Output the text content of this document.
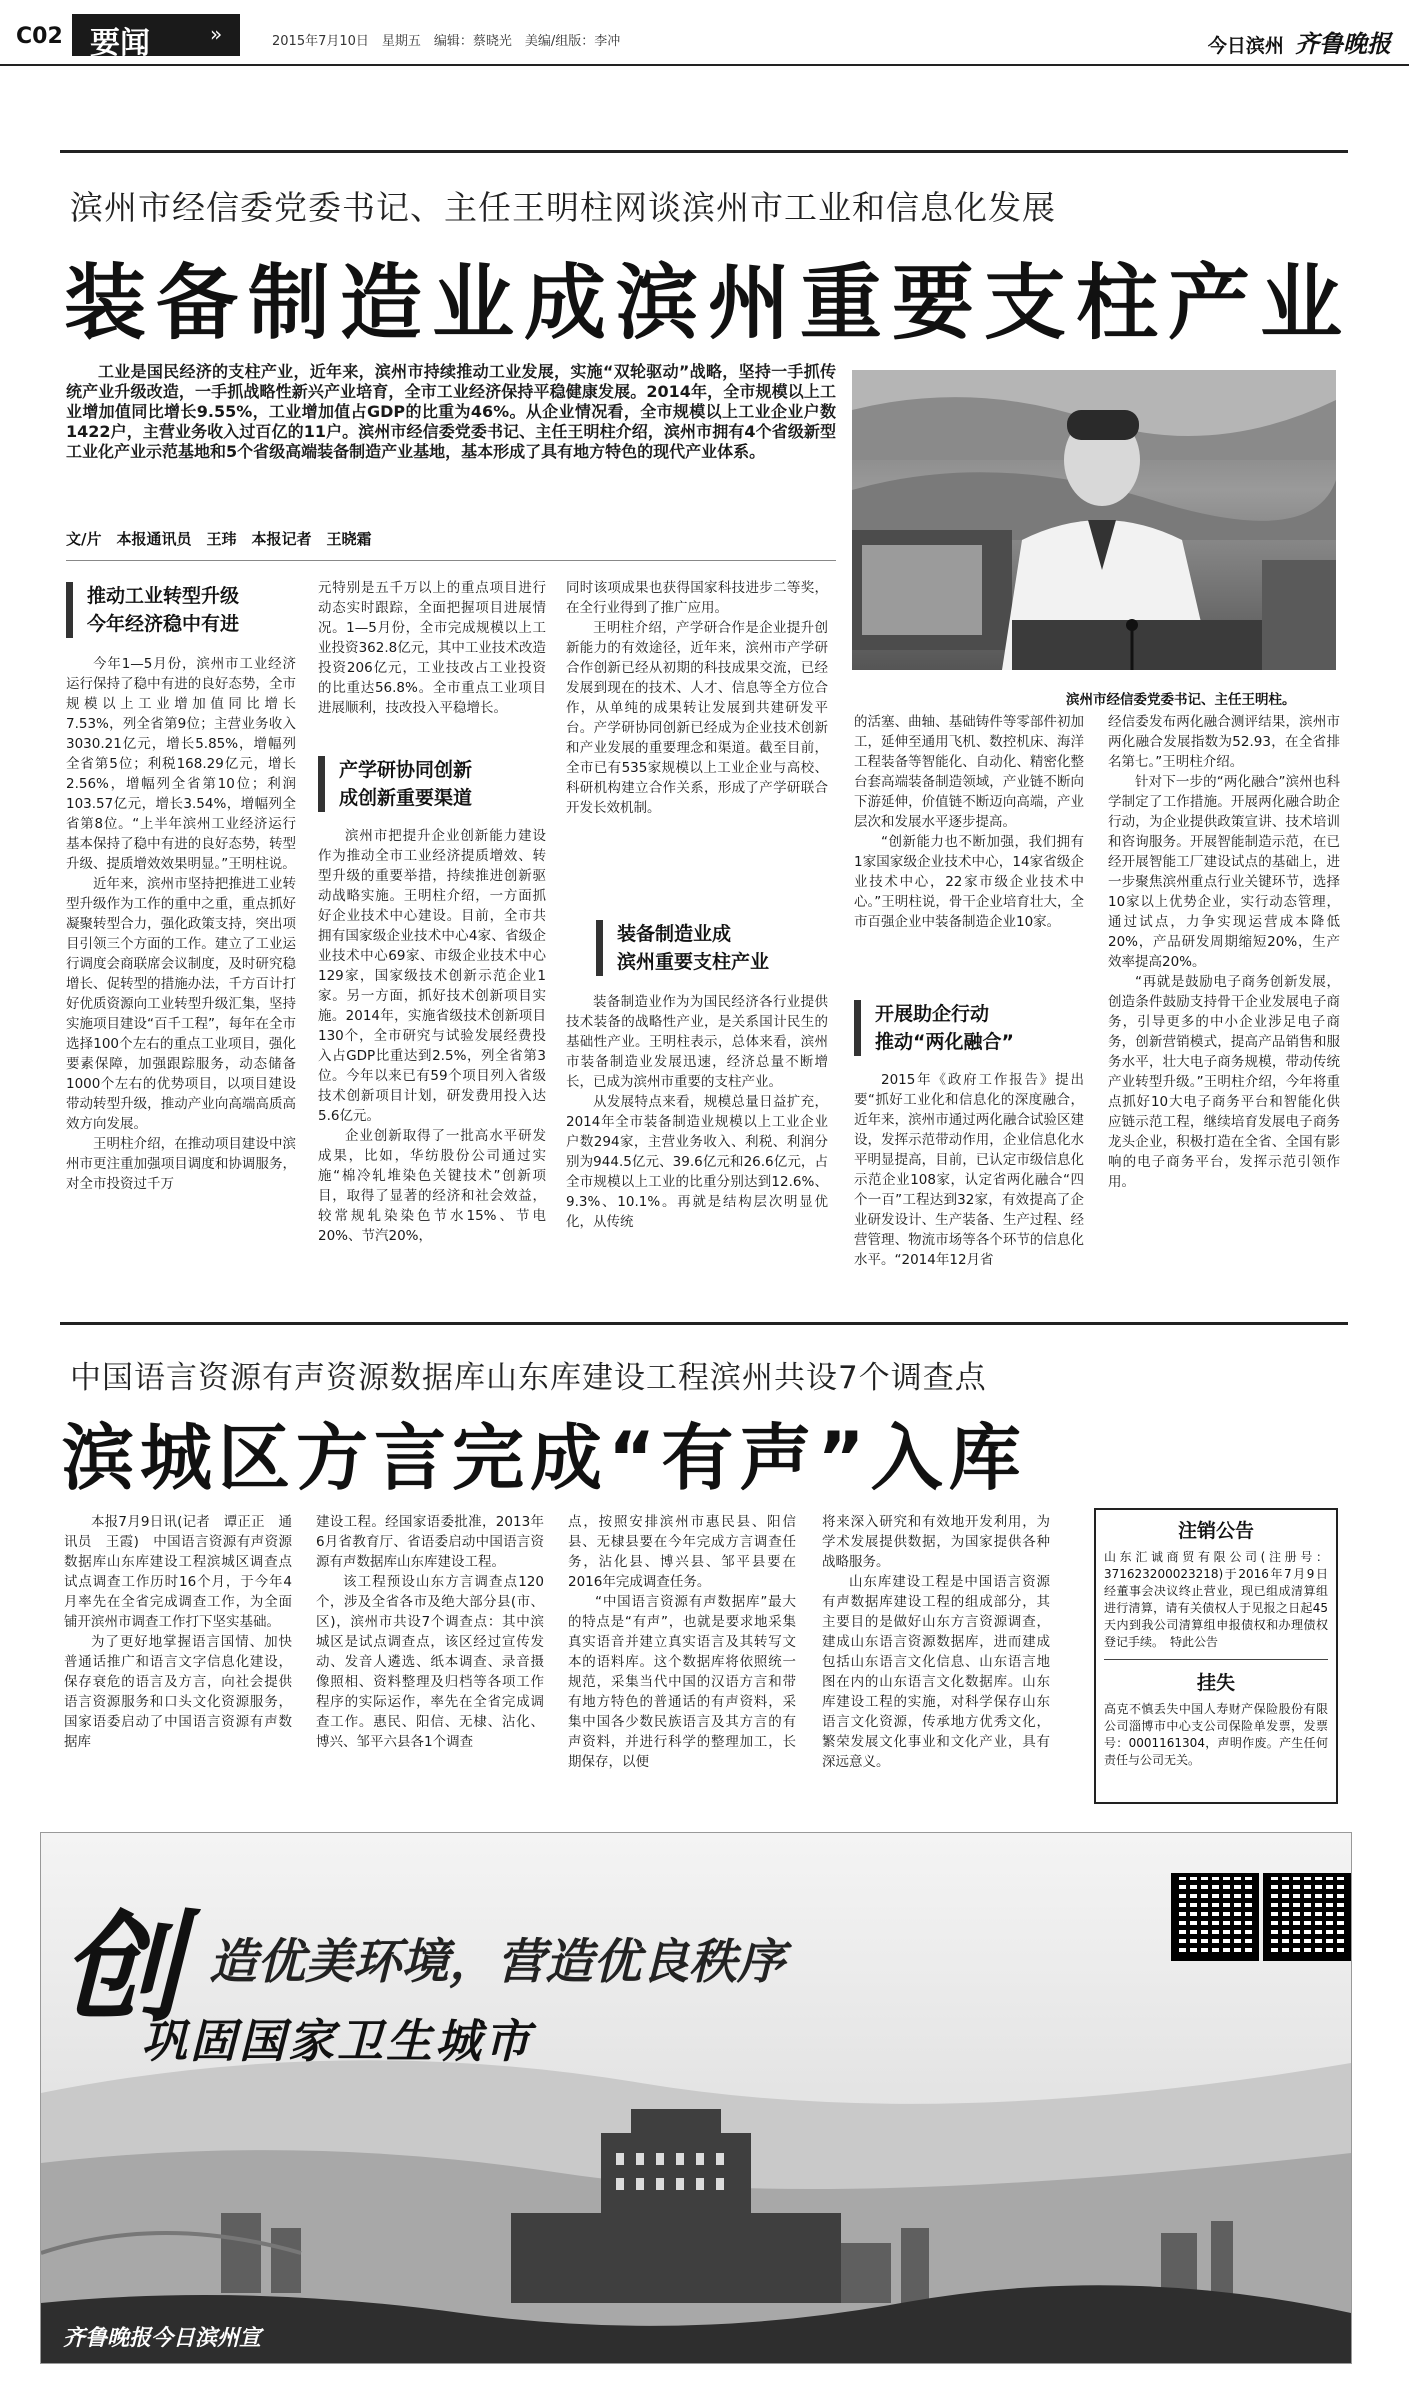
C02 要闻	»	2015年7月10日　星期五　编辑：蔡晓光　美编/组版：李冲	今日滨州 齐鲁晚报
滨州市经信委党委书记、主任王明柱网谈滨州市工业和信息化发展
装备制造业成滨州重要支柱产业

工业是国民经济的支柱产业，近年来，滨州市持续推动工业发展，实施“双轮驱动”战略，坚持一手抓传统产业升级改造，一手抓战略性新兴产业培育，全市工业经济保持平稳健康发展。2014年，全市规模以上工业增加值同比增长9.55%，工业增加值占GDP的比重为46%。从企业情况看，全市规模以上工业企业户数1422户，主营业务收入过百亿的11户。滨州市经信委党委书记、主任王明柱介绍，滨州市拥有4个省级新型工业化产业示范基地和5个省级高端装备制造产业基地，基本形成了具有地方特色的现代产业体系。

文/片　本报通讯员　王玮　本报记者　王晓霜
滨州市经信委党委书记、主任王明柱。
推动工业转型升级
今年经济稳中有进

今年1—5月份，滨州市工业经济运行保持了稳中有进的良好态势，全市规模以上工业增加值同比增长7.53%，列全省第9位；主营业务收入3030.21亿元，增长5.85%，增幅列全省第5位；利税168.29亿元，增长2.56%，增幅列全省第10位；利润103.57亿元，增长3.54%，增幅列全省第8位。“上半年滨州工业经济运行基本保持了稳中有进的良好态势，转型升级、提质增效效果明显。”王明柱说。

近年来，滨州市坚持把推进工业转型升级作为工作的重中之重，重点抓好凝聚转型合力，强化政策支持，突出项目引领三个方面的工作。建立了工业运行调度会商联席会议制度，及时研究稳增长、促转型的措施办法，千方百计打好优质资源向工业转型升级汇集，坚持实施项目建设“百千工程”，每年在全市选择100个左右的重点工业项目，强化要素保障，加强跟踪服务，动态储备1000个左右的优势项目，以项目建设带动转型升级，推动产业向高端高质高效方向发展。

王明柱介绍，在推动项目建设中滨州市更注重加强项目调度和协调服务，对全市投资过千万

元特别是五千万以上的重点项目进行动态实时跟踪，全面把握项目进展情况。1—5月份，全市完成规模以上工业投资362.8亿元，其中工业技术改造投资206亿元，工业技改占工业投资的比重达56.8%。全市重点工业项目进展顺利，技改投入平稳增长。

产学研协同创新
成创新重要渠道

滨州市把提升企业创新能力建设作为推动全市工业经济提质增效、转型升级的重要举措，持续推进创新驱动战略实施。王明柱介绍，一方面抓好企业技术中心建设。目前，全市共拥有国家级企业技术中心4家、省级企业技术中心69家、市级企业技术中心129家，国家级技术创新示范企业1家。另一方面，抓好技术创新项目实施。2014年，实施省级技术创新项目130个，全市研究与试验发展经费投入占GDP比重达到2.5%，列全省第3位。今年以来已有59个项目列入省级技术创新项目计划，研发费用投入达5.6亿元。

企业创新取得了一批高水平研发成果，比如，华纺股份公司通过实施“棉冷轧堆染色关键技术”创新项目，取得了显著的经济和社会效益，较常规轧染染色节水15%、节电20%、节汽20%，

同时该项成果也获得国家科技进步二等奖，在全行业得到了推广应用。

王明柱介绍，产学研合作是企业提升创新能力的有效途径，近年来，滨州市产学研合作创新已经从初期的科技成果交流，已经发展到现在的技术、人才、信息等全方位合作，从单纯的成果转让发展到共建研发平台。产学研协同创新已经成为企业技术创新和产业发展的重要理念和渠道。截至目前，全市已有535家规模以上工业企业与高校、科研机构建立合作关系，形成了产学研联合开发长效机制。

装备制造业成
滨州重要支柱产业

装备制造业作为为国民经济各行业提供技术装备的战略性产业，是关系国计民生的基础性产业。王明柱表示，总体来看，滨州市装备制造业发展迅速，经济总量不断增长，已成为滨州市重要的支柱产业。

从发展特点来看，规模总量日益扩充，2014年全市装备制造业规模以上工业企业户数294家，主营业务收入、利税、利润分别为944.5亿元、39.6亿元和26.6亿元，占全市规模以上工业的比重分别达到12.6%、9.3%、10.1%。再就是结构层次明显优化，从传统

的活塞、曲轴、基础铸件等零部件初加工，延伸至通用飞机、数控机床、海洋工程装备等智能化、自动化、精密化整台套高端装备制造领域，产业链不断向下游延伸，价值链不断迈向高端，产业层次和发展水平逐步提高。

“创新能力也不断加强，我们拥有1家国家级企业技术中心，14家省级企业技术中心，22家市级企业技术中心。”王明柱说，骨干企业培育壮大，全市百强企业中装备制造企业10家。

开展助企行动
推动“两化融合”

2015年《政府工作报告》提出要“抓好工业化和信息化的深度融合，近年来，滨州市通过两化融合试验区建设，发挥示范带动作用，企业信息化水平明显提高，目前，已认定市级信息化示范企业108家，认定省两化融合“四个一百”工程达到32家，有效提高了企业研发设计、生产装备、生产过程、经营管理、物流市场等各个环节的信息化水平。“2014年12月省

经信委发布两化融合测评结果，滨州市两化融合发展指数为52.93，在全省排名第七。”王明柱介绍。

针对下一步的“两化融合”滨州也科学制定了工作措施。开展两化融合助企行动，为企业提供政策宣讲、技术培训和咨询服务。开展智能制造示范，在已经开展智能工厂建设试点的基础上，进一步聚焦滨州重点行业关键环节，选择10家以上优势企业，实行动态管理，通过试点，力争实现运营成本降低20%，产品研发周期缩短20%，生产效率提高20%。

“再就是鼓励电子商务创新发展，创造条件鼓励支持骨干企业发展电子商务，引导更多的中小企业涉足电子商务，创新营销模式，提高产品销售和服务水平，壮大电子商务规模，带动传统产业转型升级。”王明柱介绍，今年将重点抓好10大电子商务平台和智能化供应链示范工程，继续培育发展电子商务龙头企业，积极打造在全省、全国有影响的电子商务平台，发挥示范引领作用。

中国语言资源有声资源数据库山东库建设工程滨州共设7个调查点
滨城区方言完成“有声”入库

本报7月9日讯(记者　谭正正　通讯员　王霞)　中国语言资源有声资源数据库山东库建设工程滨城区调查点试点调查工作历时16个月，于今年4月率先在全省完成调查工作，为全面铺开滨州市调查工作打下坚实基础。

为了更好地掌握语言国情、加快普通话推广和语言文字信息化建设，保存衰危的语言及方言，向社会提供语言资源服务和口头文化资源服务，国家语委启动了中国语言资源有声数据库

建设工程。经国家语委批准，2013年6月省教育厅、省语委启动中国语言资源有声数据库山东库建设工程。

该工程预设山东方言调查点120个，涉及全省各市及绝大部分县(市、区)，滨州市共设7个调查点：其中滨城区是试点调查点，该区经过宣传发动、发音人遴选、纸本调查、录音摄像照相、资料整理及归档等各项工作程序的实际运作，率先在全省完成调查工作。惠民、阳信、无棣、沾化、博兴、邹平六县各1个调查

点，按照安排滨州市惠民县、阳信县、无棣县要在今年完成方言调查任务，沾化县、博兴县、邹平县要在2016年完成调查任务。

“中国语言资源有声数据库”最大的特点是“有声”，也就是要求地采集真实语音并建立真实语言及其转写文本的语料库。这个数据库将依照统一规范，采集当代中国的汉语方言和带有地方特色的普通话的有声资料，采集中国各少数民族语言及其方言的有声资料，并进行科学的整理加工，长期保存，以便

将来深入研究和有效地开发利用，为学术发展提供数据，为国家提供各种战略服务。

山东库建设工程是中国语言资源有声数据库建设工程的组成部分，其主要目的是做好山东方言资源调查，建成山东语言资源数据库，进而建成包括山东语言文化信息、山东语言地图在内的山东语言文化数据库。山东库建设工程的实施，对科学保存山东语言文化资源，传承地方优秀文化，繁荣发展文化事业和文化产业，具有深远意义。

注销公告
山东汇诚商贸有限公司(注册号：371623200023218)于2016年7月9日经董事会决议终止营业，现已组成清算组进行清算，请有关债权人于见报之日起45天内到我公司清算组申报债权和办理债权登记手续。　特此公告
挂失
高克不慎丢失中国人寿财产保险股份有限公司淄博市中心支公司保险单发票，发票号：0001161304，声明作废。产生任何责任与公司无关。
创 造优美环境，营造优良秩序
巩固国家卫生城市
齐鲁晚报今日滨州宣
